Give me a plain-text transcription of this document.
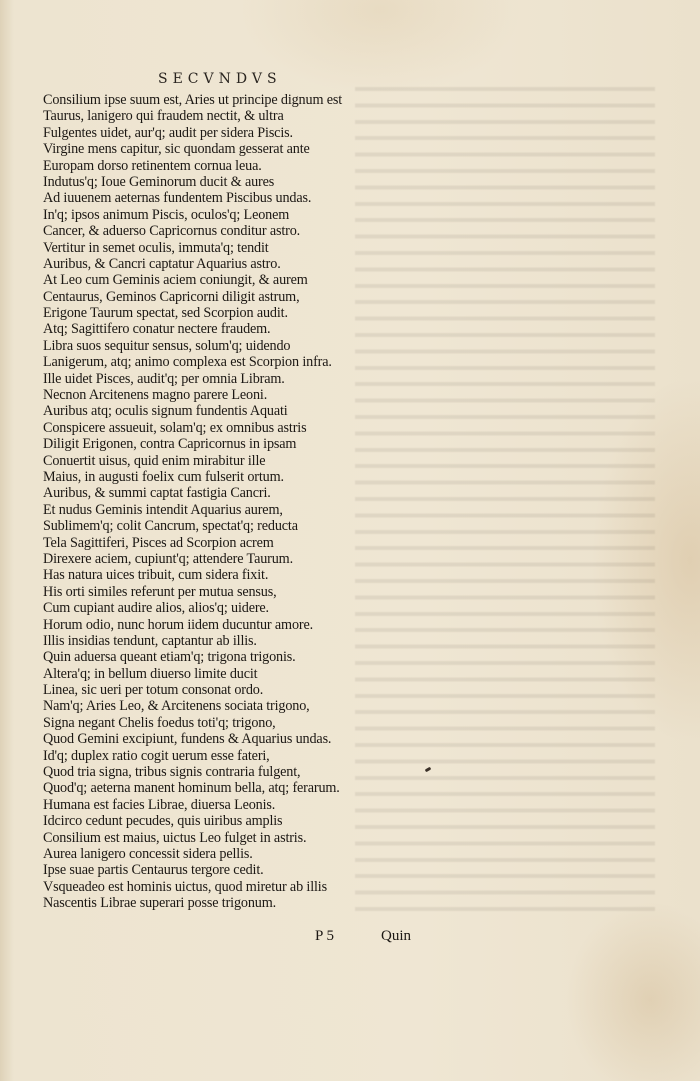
SECVNDVS
Consilium ipse suum est, Aries ut principe dignum est
Taurus, lanigero qui fraudem nectit, & ultra
Fulgentes uidet, aur'q; audit per sidera Piscis.
Virgine mens capitur, sic quondam gesserat ante
Europam dorso retinentem cornua leua.
Indutus'q; Ioue Geminorum ducit & aures
Ad iuuenem aeternas fundentem Piscibus undas.
In'q; ipsos animum Piscis, oculos'q; Leonem
Cancer, & aduerso Capricornus conditur astro.
Vertitur in semet oculis, immuta'q; tendit
Auribus, & Cancri captatur Aquarius astro.
At Leo cum Geminis aciem coniungit, & aurem
Centaurus, Geminos Capricorni diligit astrum,
Erigone Taurum spectat, sed Scorpion audit.
Atq; Sagittifero conatur nectere fraudem.
Libra suos sequitur sensus, solum'q; uidendo
Lanigerum, atq; animo complexa est Scorpion infra.
Ille uidet Pisces, audit'q; per omnia Libram.
Necnon Arcitenens magno parere Leoni.
Auribus atq; oculis signum fundentis Aquati
Conspicere assueuit, solam'q; ex omnibus astris
Diligit Erigonen, contra Capricornus in ipsam
Conuertit uisus, quid enim mirabitur ille
Maius, in augusti foelix cum fulserit ortum.
Auribus, & summi captat fastigia Cancri.
Et nudus Geminis intendit Aquarius aurem,
Sublimem'q; colit Cancrum, spectat'q; reducta
Tela Sagittiferi, Pisces ad Scorpion acrem
Direxere aciem, cupiunt'q; attendere Taurum.
Has natura uices tribuit, cum sidera fixit.
His orti similes referunt per mutua sensus,
Cum cupiant audire alios, alios'q; uidere.
Horum odio, nunc horum iidem ducuntur amore.
Illis insidias tendunt, captantur ab illis.
Quin aduersa queant etiam'q; trigona trigonis.
Altera'q; in bellum diuerso limite ducit
Linea, sic ueri per totum consonat ordo.
Nam'q; Aries Leo, & Arcitenens sociata trigono,
Signa negant Chelis foedus toti'q; trigono,
Quod Gemini excipiunt, fundens & Aquarius undas.
Id'q; duplex ratio cogit uerum esse fateri,
Quod tria signa, tribus signis contraria fulgent,
Quod'q; aeterna manent hominum bella, atq; ferarum.
Humana est facies Librae, diuersa Leonis.
Idcirco cedunt pecudes, quis uiribus amplis
Consilium est maius, uictus Leo fulget in astris.
Aurea lanigero concessit sidera pellis.
Ipse suae partis Centaurus tergore cedit.
Vsqueadeo est hominis uictus, quod miretur ab illis
Nascentis Librae superari posse trigonum.
P 5	Quin
